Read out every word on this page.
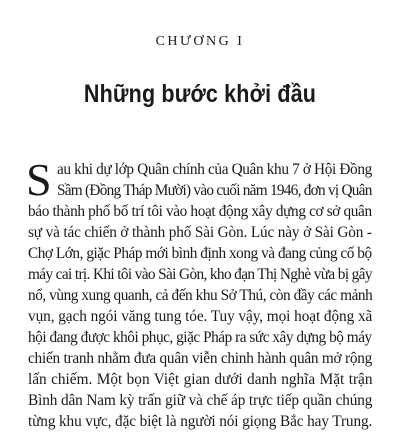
CHƯƠNG I
Những bước khởi đầu
S au khi dự lớp Quân chính của Quân khu 7 ở Hội Đồng
Sầm (Đồng Tháp Mười) vào cuối năm 1946, đơn vị Quân
báo thành phố bố trí tôi vào hoạt động xây dựng cơ sở quân
sự và tác chiến ở thành phố Sài Gòn. Lúc này ở Sài Gòn -
Chợ Lớn, giặc Pháp mới bình định xong và đang củng cố bộ
máy cai trị. Khi tôi vào Sài Gòn, kho đạn Thị Nghè vừa bị gây
nổ, vùng xung quanh, cả đến khu Sở Thú, còn đầy các mảnh
vụn, gạch ngói văng tung tóe. Tuy vậy, mọi hoạt động xã
hội đang được khôi phục, giặc Pháp ra sức xây dựng bộ máy
chiến tranh nhằm đưa quân viễn chinh hành quân mở rộng
lấn chiếm. Một bọn Việt gian dưới danh nghĩa Mặt trận
Bình dân Nam kỳ trấn giữ và chế áp trực tiếp quần chúng
từng khu vực, đặc biệt là người nói giọng Bắc hay Trung.
